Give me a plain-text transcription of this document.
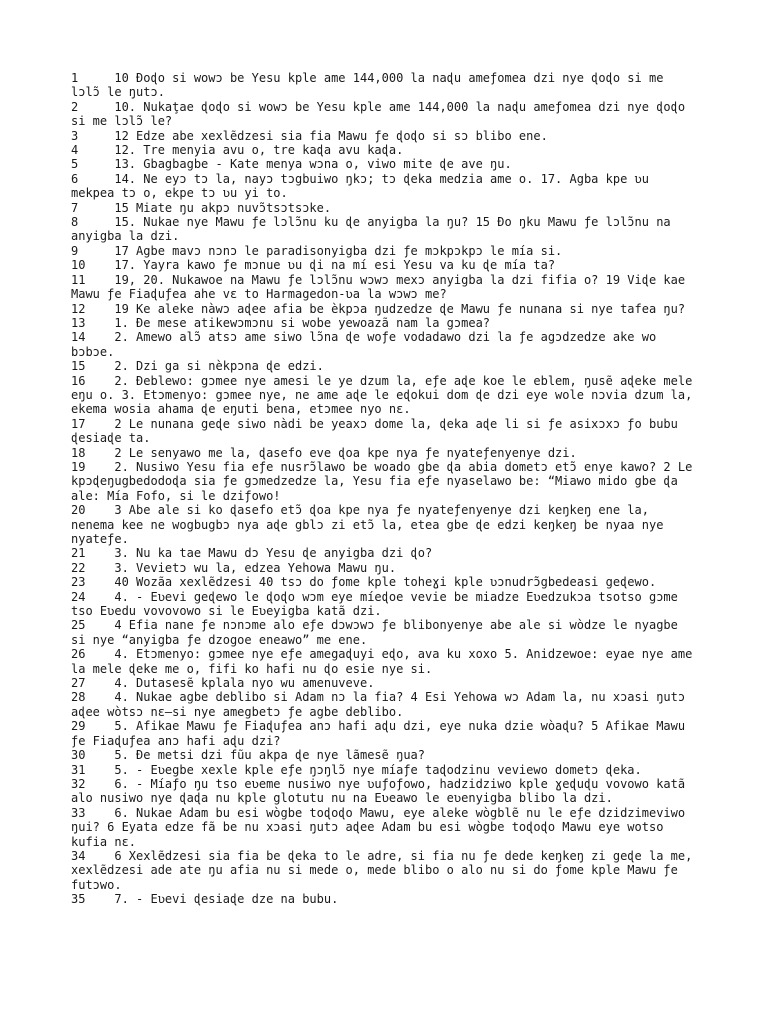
1     10 Ɖoɖo si wowɔ be Yesu kple ame 144,000 la naɖu ameƒomea dzi nye ɖoɖo si me lɔlɔ̃ le ŋutɔ.

2     10. Nukaţae ɖoɖo si wowɔ be Yesu kple ame 144,000 la naɖu ameƒomea dzi nye ɖoɖo si me lɔlɔ̃ le?

3     12 Edze abe xexlẽdzesi sia fia Mawu ƒe ɖoɖo si sɔ blibo ene.

4     12. Tre menyia avu o, tre kaɖa avu kaɖa.

5     13. Gbagbagbe - Kate menya wɔna o, viwo mite ɖe ave ŋu.

6     14. Ne eyɔ tɔ la, nayɔ tɔgbuiwo ŋkɔ; tɔ ɖeka medzia ame o. 17. Agba kpe ʋu mekpea tɔ o, ekpe tɔ ʋu yi to.

7     15 Miate ŋu akpɔ nuvɔ̃tsɔtsɔke.

8     15. Nukae nye Mawu ƒe lɔlɔ̃nu ku ɖe anyigba la ŋu? 15 Ɖo ŋku Mawu ƒe lɔlɔ̃nu na anyigba la dzi.

9     17 Agbe mavɔ nɔnɔ le paradisonyigba dzi ƒe mɔkpɔkpɔ le mía si.

10    17. Yayra kawo ƒe mɔnue ʋu ɖi na mí esi Yesu va ku ɖe mía ta?

11    19, 20. Nukawoe na Mawu ƒe lɔlɔ̃nu wɔwɔ mexɔ anyigba la dzi fifia o? 19 Viɖe kae Mawu ƒe Fiaɖuƒea ahe vɛ to Harmagedon-ʋa la wɔwɔ me?

12    19 Ke aleke nàwɔ aɖee afia be èkpɔa ŋudzedze ɖe Mawu ƒe nunana si nye tafea ŋu?

13    1. Ɖe mese atikewɔmɔnu si wobe yewoazã nam la gɔmea?

14    2. Amewo alɔ̃ atsɔ ame siwo lɔ̃na ɖe woƒe vodadawo dzi la ƒe agɔdzedze ake wo bɔbɔe.

15    2. Dzi ga si nèkpɔna ɖe edzi.

16    2. Ɖeblewo: gɔmee nye amesi le ye dzum la, eƒe aɖe koe le eblem, ŋusẽ aɖeke mele eŋu o. 3. Etɔmenyo: gɔmee nye, ne ame aɖe le eɖokui dom ɖe dzi eye wole nɔvia dzum la, ekema wosia ahama ɖe eŋuti bena, etɔmee nyo nɛ.

17    2 Le nunana geɖe siwo nàdi be yeaxɔ dome la, ɖeka aɖe li si ƒe asixɔxɔ ƒo bubu ɖesiaɖe ta.

18    2 Le senyawo me la, ɖasefo eve ɖoa kpe nya ƒe nyateƒenyenye dzi.

19    2. Nusiwo Yesu fia eƒe nusrɔ̃lawo be woado gbe ɖa abia dometɔ etɔ̃ enye kawo? 2 Le kpɔɖeŋugbedodoɖa sia ƒe gɔmedzedze la, Yesu fia eƒe nyaselawo be: “Miawo mido gbe ɖa ale: Mía Fofo, si le dziƒowo!

20    3 Abe ale si ko ɖasefo etɔ̃ ɖoa kpe nya ƒe nyateƒenyenye dzi keŋkeŋ ene la, nenema kee ne wogbugbɔ nya aɖe gblɔ zi etɔ̃ la, etea gbe ɖe edzi keŋkeŋ be nyaa nye nyateƒe.

21    3. Nu ka tae Mawu dɔ Yesu ɖe anyigba dzi ɖo?

22    3. Vevietɔ wu la, edzea Yehowa Mawu ŋu.

23    40 Wozãa xexlẽdzesi 40 tsɔ do ƒome kple toheɣi kple ʋɔnudrɔ̃gbedeasi geɖewo.

24    4. - Eʋevi geɖewo le ɖoɖo wɔm eye míeɖoe vevie be miadze Eʋedzukɔa tsotso gɔme tso Eʋedu vovovowo si le Eʋeyigba katã dzi.

25    4 Efia nane ƒe nɔnɔme alo eƒe dɔwɔwɔ ƒe blibonyenye abe ale si wòdze le nyagbe si nye “anyigba ƒe dzogoe eneawo” me ene.

26    4. Etɔmenyo: gɔmee nye eƒe amegaɖuyi eɖo, ava ku xoxo 5. Anidzewoe: eyae nye ame la mele ɖeke me o, fifi ko hafi nu ɖo esie nye si.

27    4. Dutasesẽ kplala nyo wu amenuveve.

28    4. Nukae agbe deblibo si Adam nɔ la fia? 4 Esi Yehowa wɔ Adam la, nu xɔasi ŋutɔ aɖee wòtsɔ nɛ—si nye amegbetɔ ƒe agbe deblibo.

29    5. Afikae Mawu ƒe Fiaɖuƒea anɔ hafi aɖu dzi, eye nuka dzie wòaɖu? 5 Afikae Mawu ƒe Fiaɖuƒea anɔ hafi aɖu dzi?

30    5. Ɖe metsi dzi fũu akpa ɖe nye lãmesẽ ŋua?

31    5. - Eʋegbe xexle kple eƒe ŋɔŋlɔ̃ nye míaƒe taɖodzinu veviewo dometɔ ɖeka.

32    6. - Míaƒo ŋu tso eʋeme nusiwo nye ʋuƒoƒowo, hadzidziwo kple ɣeɖuɖu vovowo katã alo nusiwo nye ɖaɖa nu kple glotutu nu na Eʋeawo le eʋenyigba blibo la dzi.

33    6. Nukae Adam bu esi wògbe toɖoɖo Mawu, eye aleke wògblẽ nu le eƒe dzidzimeviwo ŋui? 6 Eyata edze fã be nu xɔasi ŋutɔ aɖee Adam bu esi wògbe toɖoɖo Mawu eye wotso kufia nɛ.

34    6 Xexlẽdzesi sia fia be ɖeka to le adre, si fia nu ƒe dede keŋkeŋ zi geɖe la me, xexlẽdzesi ade ate ŋu afia nu si mede o, mede blibo o alo nu si do ƒome kple Mawu ƒe futɔwo.

35    7. - Eʋevi ɖesiaɖe dze na bubu.
